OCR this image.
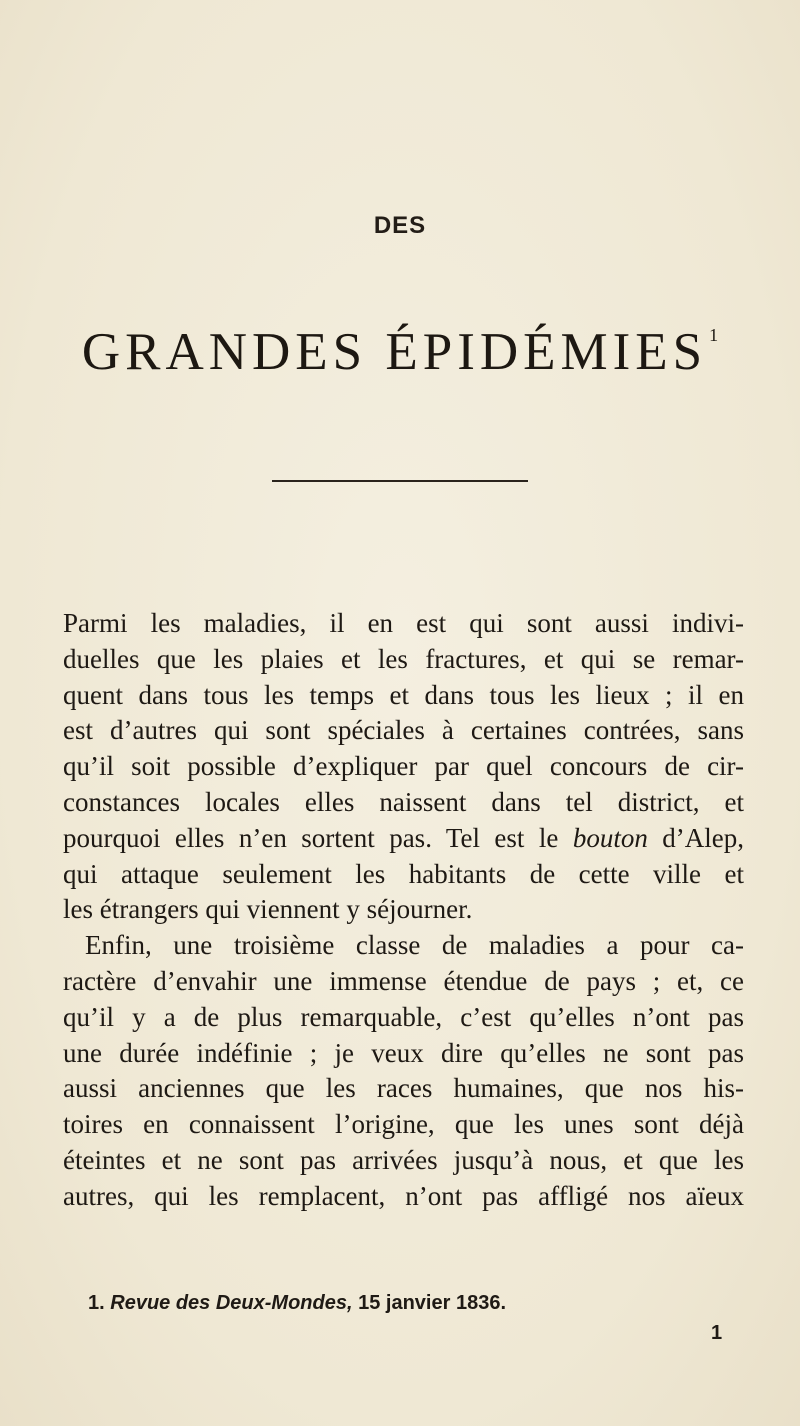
DES
GRANDES ÉPIDÉMIES $^1$
Parmi les maladies, il en est qui sont aussi indivi-
duelles que les plaies et les fractures, et qui se remar-
quent dans tous les temps et dans tous les lieux ; il en
est d’autres qui sont spéciales à certaines contrées, sans
qu’il soit possible d’expliquer par quel concours de cir-
constances locales elles naissent dans tel district, et
pourquoi elles n’en sortent pas. Tel est le bouton d’Alep,
qui attaque seulement les habitants de cette ville et
les étrangers qui viennent y séjourner.
Enfin, une troisième classe de maladies a pour ca-
ractère d’envahir une immense étendue de pays ; et, ce
qu’il y a de plus remarquable, c’est qu’elles n’ont pas
une durée indéfinie ; je veux dire qu’elles ne sont pas
aussi anciennes que les races humaines, que nos his-
toires en connaissent l’origine, que les unes sont déjà
éteintes et ne sont pas arrivées jusqu’à nous, et que les
autres, qui les remplacent, n’ont pas affligé nos aïeux
1. Revue des Deux-Mondes, 15 janvier 1836.
1
